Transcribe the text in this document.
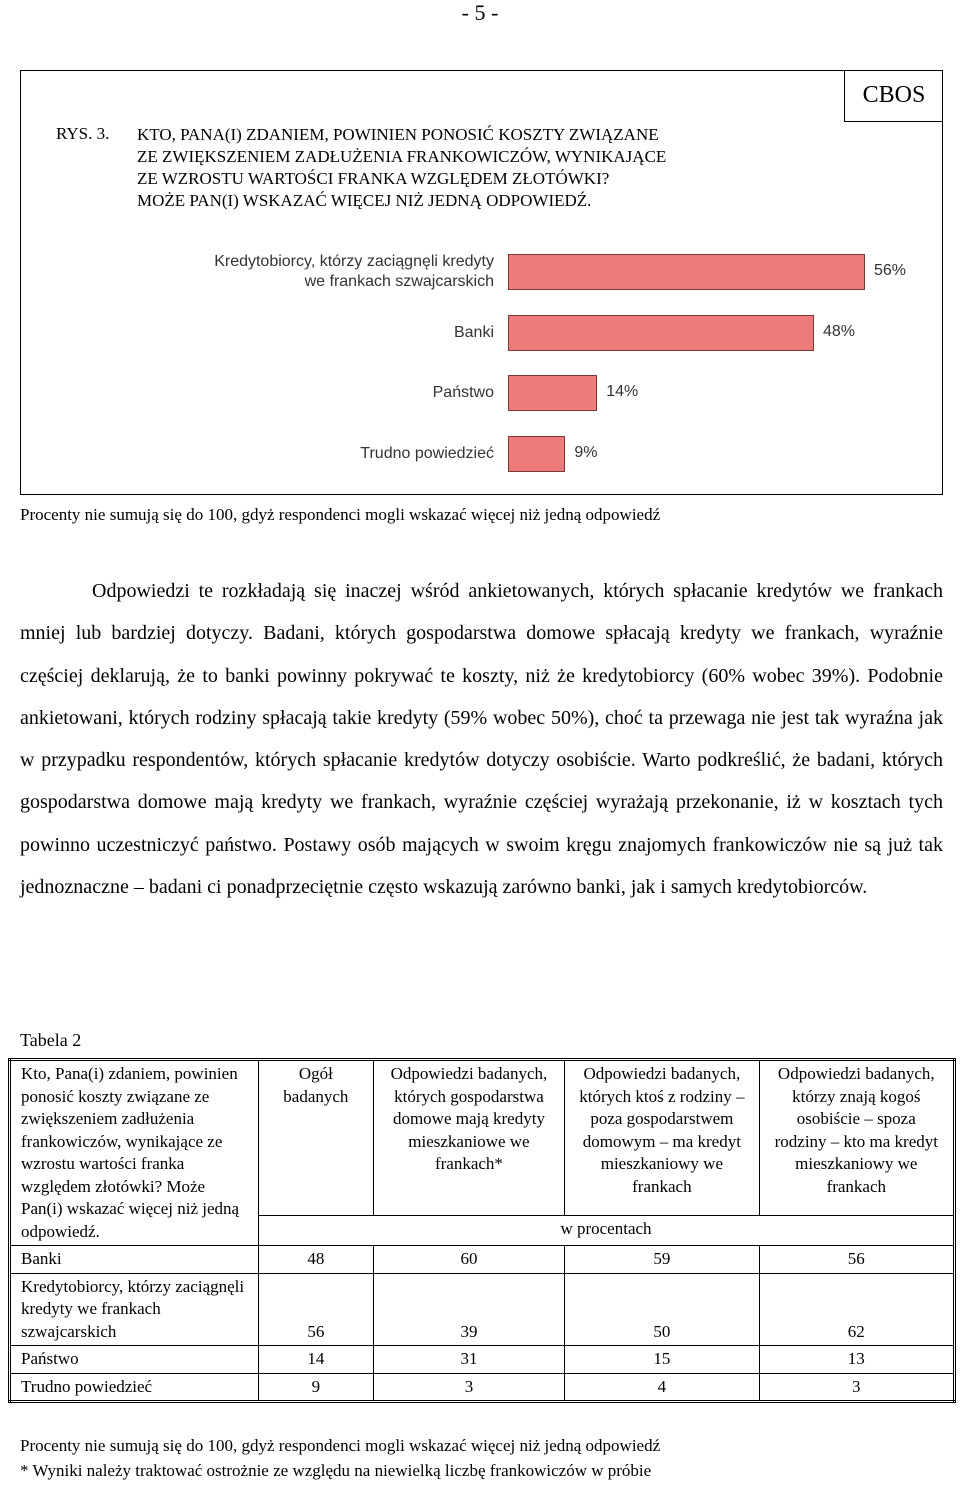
- 5 -
CBOS
RYS. 3. KTO, PANA(I) ZDANIEM, POWINIEN PONOSIĆ KOSZTY ZWIĄZANE
ZE ZWIĘKSZENIEM ZADŁUŻENIA FRANKOWICZÓW, WYNIKAJĄCE
ZE WZROSTU WARTOŚCI FRANKA WZGLĘDEM ZŁOTÓWKI?
MOŻE PAN(I) WSKAZAĆ WIĘCEJ NIŻ JEDNĄ ODPOWIEDŹ.
Kredytobiorcy, którzy zaciągnęli kredyty
we frankach szwajcarskich
56%
Banki	48%
Państwo	14%
Trudno powiedzieć	9%
Procenty nie sumują się do 100, gdyż respondenci mogli wskazać więcej niż jedną odpowiedź

Odpowiedzi te rozkładają się inaczej wśród ankietowanych, których spłacanie kredytów we frankach mniej lub bardziej dotyczy. Badani, których gospodarstwa domowe spłacają kredyty we frankach, wyraźnie częściej deklarują, że to banki powinny pokrywać te koszty, niż że kredytobiorcy (60% wobec 39%). Podobnie ankietowani, których rodziny spłacają takie kredyty (59% wobec 50%), choć ta przewaga nie jest tak wyraźna jak w przypadku respondentów, których spłacanie kredytów dotyczy osobiście. Warto podkreślić, że badani, których gospodarstwa domowe mają kredyty we frankach, wyraźnie częściej wyrażają przekonanie, iż w kosztach tych powinno uczestniczyć państwo. Postawy osób mających w swoim kręgu znajomych frankowiczów nie są już tak jednoznaczne – badani ci ponadprzeciętnie często wskazują zarówno banki, jak i samych kredytobiorców.

Tabela 2
Kto, Pana(i) zdaniem, powinien ponosić koszty związane ze zwiększeniem zadłużenia frankowiczów, wynikające ze wzrostu wartości franka względem złotówki? Może Pan(i) wskazać więcej niż jedną odpowiedź.	Ogół badanych	Odpowiedzi badanych, których gospodarstwa domowe mają kredyty mieszkaniowe we frankach*	Odpowiedzi badanych, których ktoś z rodziny – poza gospodarstwem domowym – ma kredyt mieszkaniowy we frankach	Odpowiedzi badanych, którzy znają kogoś osobiście – spoza rodziny – kto ma kredyt mieszkaniowy we frankach
	w procentach			
Banki	48	60	59	56
Kredytobiorcy, którzy zaciągnęli kredyty we frankach szwajcarskich	56	39	50	62
Państwo	14	31	15	13
Trudno powiedzieć	9	3	4	3
Procenty nie sumują się do 100, gdyż respondenci mogli wskazać więcej niż jedną odpowiedź
* Wyniki należy traktować ostrożnie ze względu na niewielką liczbę frankowiczów w próbie
